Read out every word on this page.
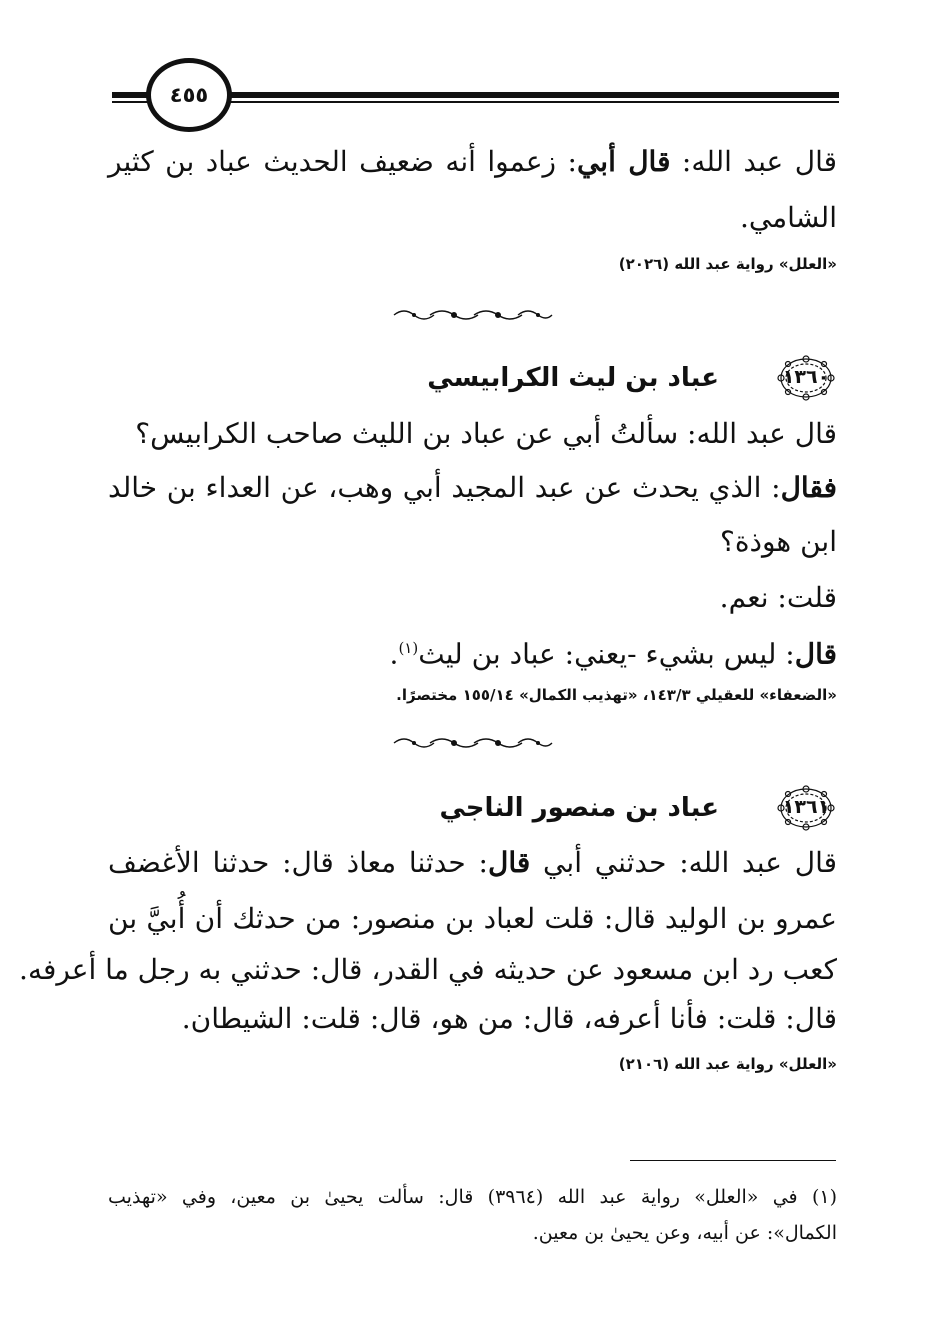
٤٥٥
قال عبد الله: قال أبي: زعموا أنه ضعيف الحديث عباد بن كثير
الشامي.
«العلل» رواية عبد الله (٢٠٢٦)
١٣٦٠
عباد بن ليث الكرابيسي
قال عبد الله: سألتُ أبي عن عباد بن الليث صاحب الكرابيس؟
فقال: الذي يحدث عن عبد المجيد أبي وهب، عن العداء بن خالد
ابن هوذة؟
قلت: نعم.
قال: ليس بشيء -يعني: عباد بن ليث$^{(١)}$.
«الضعفاء» للعقيلي ١٤٣/٣، «تهذيب الكمال» ١٥٥/١٤ مختصرًا.
١٣٦١
عباد بن منصور الناجي
قال عبد الله: حدثني أبي قال: حدثنا معاذ قال: حدثنا الأغضف
عمرو بن الوليد قال: قلت لعباد بن منصور: من حدثك أن أُبيَّ بن
كعب رد ابن مسعود عن حديثه في القدر، قال: حدثني به رجل ما أعرفه.
قال: قلت: فأنا أعرفه، قال: من هو، قال: قلت: الشيطان.
«العلل» رواية عبد الله (٢١٠٦)
(١) في «العلل» رواية عبد الله (٣٩٦٤) قال: سألت يحيىٰ بن معين، وفي «تهذيب
الكمال»: عن أبيه، وعن يحيىٰ بن معين.
